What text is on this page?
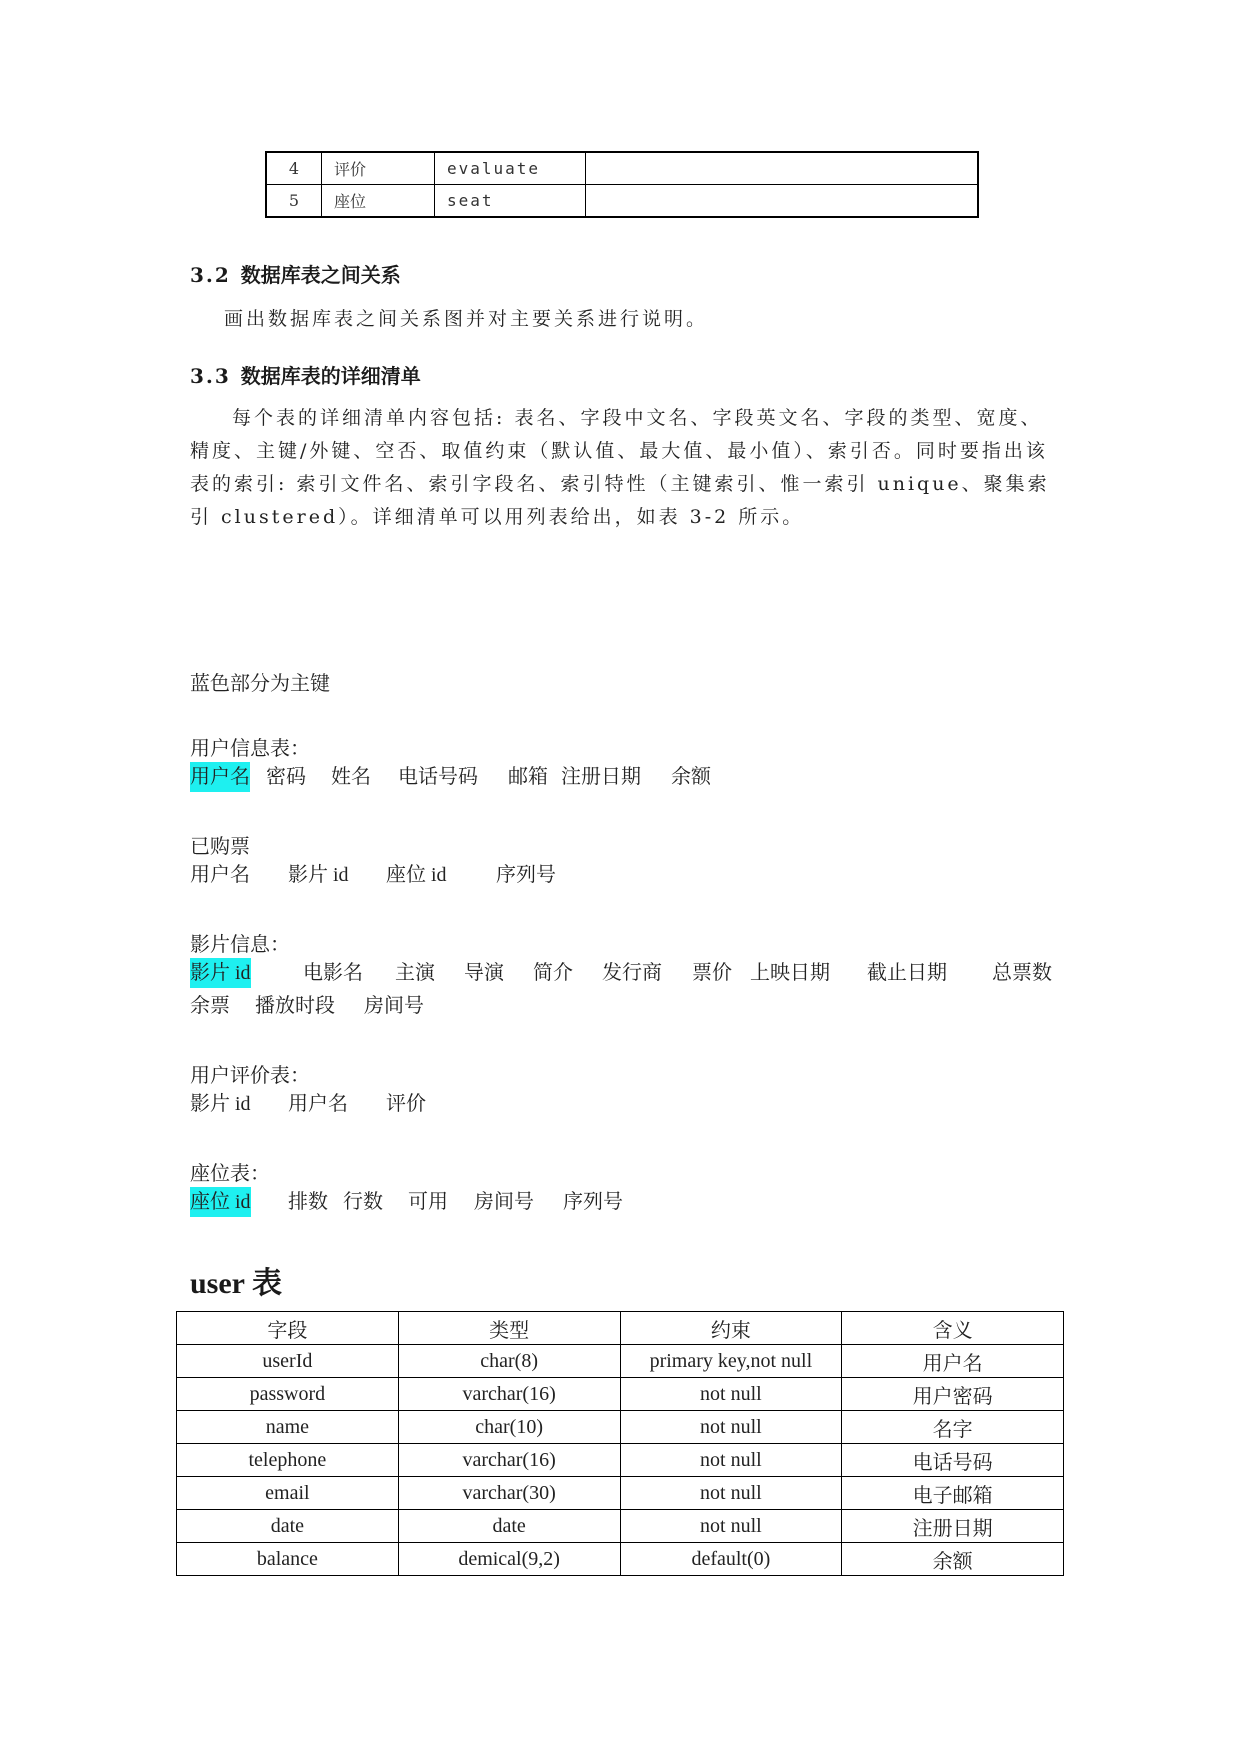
4	评价	evaluate	
5	座位	seat	
3.2 数据库表之间关系
画出数据库表之间关系图并对主要关系进行说明。
3.3 数据库表的详细清单
每个表的详细清单内容包括: 表名、字段中文名、字段英文名、字段的类型、宽度、精度、主键/外键、空否、取值约束（默认值、最大值、最小值）、索引否。同时要指出该表的索引: 索引文件名、索引字段名、索引特性（主键索引、惟一索引 unique、聚集索引 clustered）。详细清单可以用列表给出，如表 3-2 所示。
蓝色部分为主键
用户信息表：
用户名 密码 姓名 电话号码 邮箱 注册日期 余额
已购票
用户名 影片 id 座位 id 序列号
影片信息：
影片 id	电影名 主演 导演 简介 发行商 票价 上映日期 截止日期 总票数
余票 播放时段 房间号
用户评价表：
影片 id 用户名 评价
座位表：
座位 id 排数 行数 可用 房间号 序列号
user 表
字段	类型	约束	含义
userId	char(8)	primary key,not null	用户名
password	varchar(16)	not null	用户密码
name	char(10)	not null	名字
telephone	varchar(16)	not null	电话号码
email	varchar(30)	not null	电子邮箱
date	date	not null	注册日期
balance	demical(9,2)	default(0)	余额
